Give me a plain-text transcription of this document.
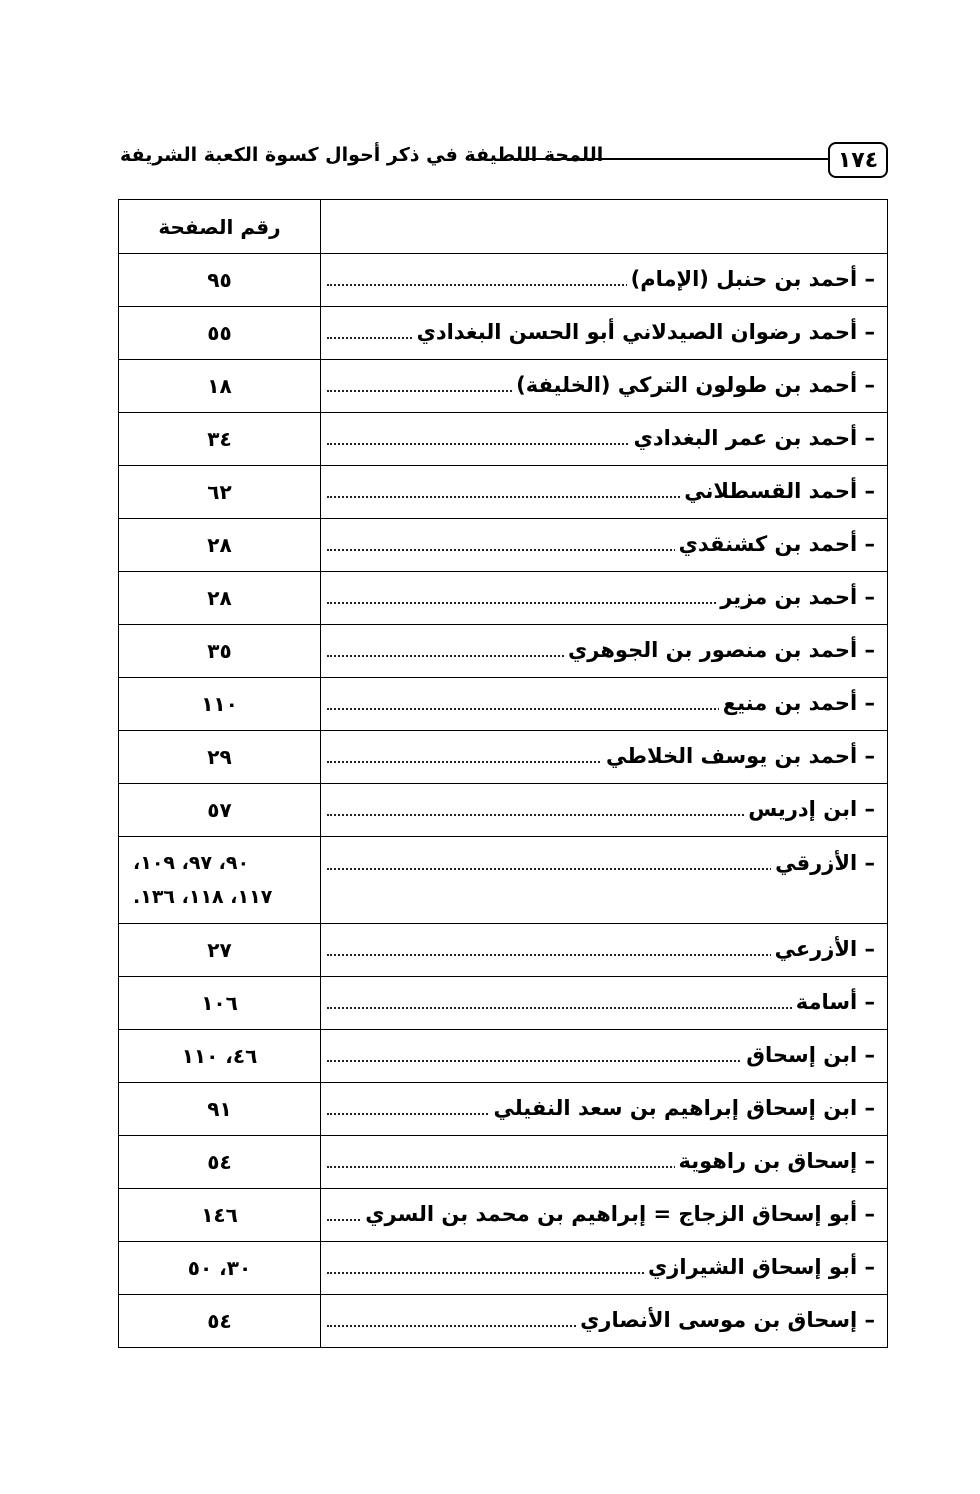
١٧٤
اللمحة اللطيفة في ذكر أحوال كسوة الكعبة الشريفة
	رقم الصفحة

– أحمد بن حنبل (الإمام)	٩٥

– أحمد رضوان الصيدلاني أبو الحسن البغدادي	٥٥

– أحمد بن طولون التركي (الخليفة)	١٨

– أحمد بن عمر البغدادي	٣٤

– أحمد القسطلاني	٦٢

– أحمد بن كشنقدي	٢٨

– أحمد بن مزير	٢٨

– أحمد بن منصور بن الجوهري	٣٥

– أحمد بن منيع	١١٠

– أحمد بن يوسف الخلاطي	٢٩

– ابن إدريس	٥٧

– الأزرقي	٩٠، ٩٧، ١٠٩،
١١٧، ١١٨، ١٣٦.

– الأزرعي	٢٧

– أسامة	١٠٦

– ابن إسحاق	٤٦، ١١٠

– ابن إسحاق إبراهيم بن سعد النفيلي	٩١

– إسحاق بن راهوية	٥٤

– أبو إسحاق الزجاج = إبراهيم بن محمد بن السري	١٤٦

– أبو إسحاق الشيرازي	٣٠، ٥٠

– إسحاق بن موسى الأنصاري	٥٤
